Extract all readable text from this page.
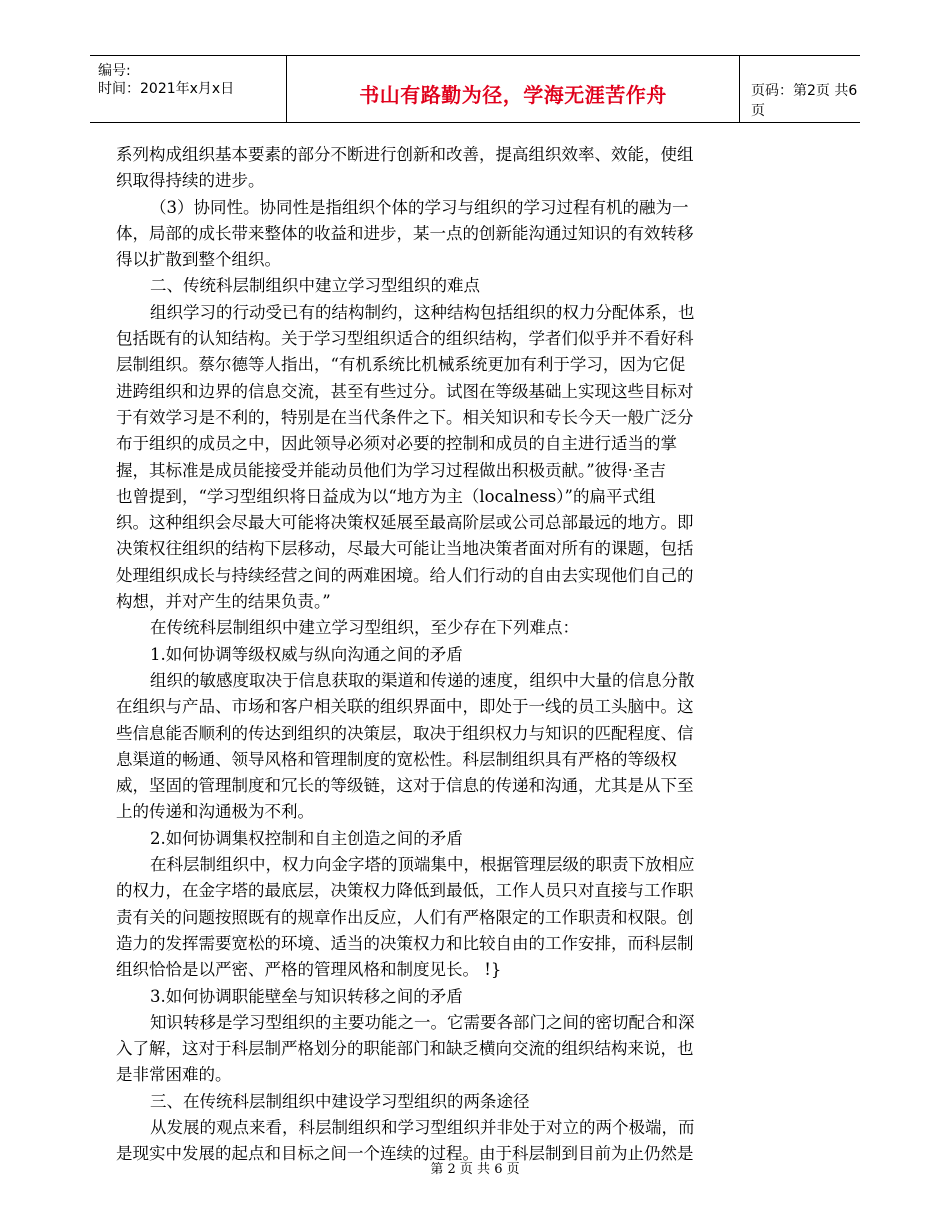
编号:
时间：2021年x月x日	书山有路勤为径，学海无涯苦作舟	页码：第2页 共6页
系列构成组织基本要素的部分不断进行创新和改善，提高组织效率、效能，使组
织取得持续的进步。
（3）协同性。协同性是指组织个体的学习与组织的学习过程有机的融为一
体，局部的成长带来整体的收益和进步，某一点的创新能沟通过知识的有效转移
得以扩散到整个组织。
二、传统科层制组织中建立学习型组织的难点
组织学习的行动受已有的结构制约，这种结构包括组织的权力分配体系，也
包括既有的认知结构。关于学习型组织适合的组织结构，学者们似乎并不看好科
层制组织。蔡尔德等人指出，“有机系统比机械系统更加有利于学习，因为它促
进跨组织和边界的信息交流，甚至有些过分。试图在等级基础上实现这些目标对
于有效学习是不利的，特别是在当代条件之下。相关知识和专长今天一般广泛分
布于组织的成员之中，因此领导必须对必要的控制和成员的自主进行适当的掌
握，其标准是成员能接受并能动员他们为学习过程做出积极贡献。”彼得·圣吉
也曾提到，“学习型组织将日益成为以“地方为主（localness）”的扁平式组
织。这种组织会尽最大可能将决策权延展至最高阶层或公司总部最远的地方。即
决策权往组织的结构下层移动，尽最大可能让当地决策者面对所有的课题，包括
处理组织成长与持续经营之间的两难困境。给人们行动的自由去实现他们自己的
构想，并对产生的结果负责。”
在传统科层制组织中建立学习型组织，至少存在下列难点：
1.如何协调等级权威与纵向沟通之间的矛盾
组织的敏感度取决于信息获取的渠道和传递的速度，组织中大量的信息分散
在组织与产品、市场和客户相关联的组织界面中，即处于一线的员工头脑中。这
些信息能否顺利的传达到组织的决策层，取决于组织权力与知识的匹配程度、信
息渠道的畅通、领导风格和管理制度的宽松性。科层制组织具有严格的等级权
威，坚固的管理制度和冗长的等级链，这对于信息的传递和沟通，尤其是从下至
上的传递和沟通极为不利。
2.如何协调集权控制和自主创造之间的矛盾
在科层制组织中，权力向金字塔的顶端集中，根据管理层级的职责下放相应
的权力，在金字塔的最底层，决策权力降低到最低，工作人员只对直接与工作职
责有关的问题按照既有的规章作出反应，人们有严格限定的工作职责和权限。创
造力的发挥需要宽松的环境、适当的决策权力和比较自由的工作安排，而科层制
组织恰恰是以严密、严格的管理风格和制度见长。 !}
3.如何协调职能壁垒与知识转移之间的矛盾
知识转移是学习型组织的主要功能之一。它需要各部门之间的密切配合和深
入了解，这对于科层制严格划分的职能部门和缺乏横向交流的组织结构来说，也
是非常困难的。
三、在传统科层制组织中建设学习型组织的两条途径
从发展的观点来看，科层制组织和学习型组织并非处于对立的两个极端，而
是现实中发展的起点和目标之间一个连续的过程。由于科层制到目前为止仍然是
第 2 页 共 6 页
